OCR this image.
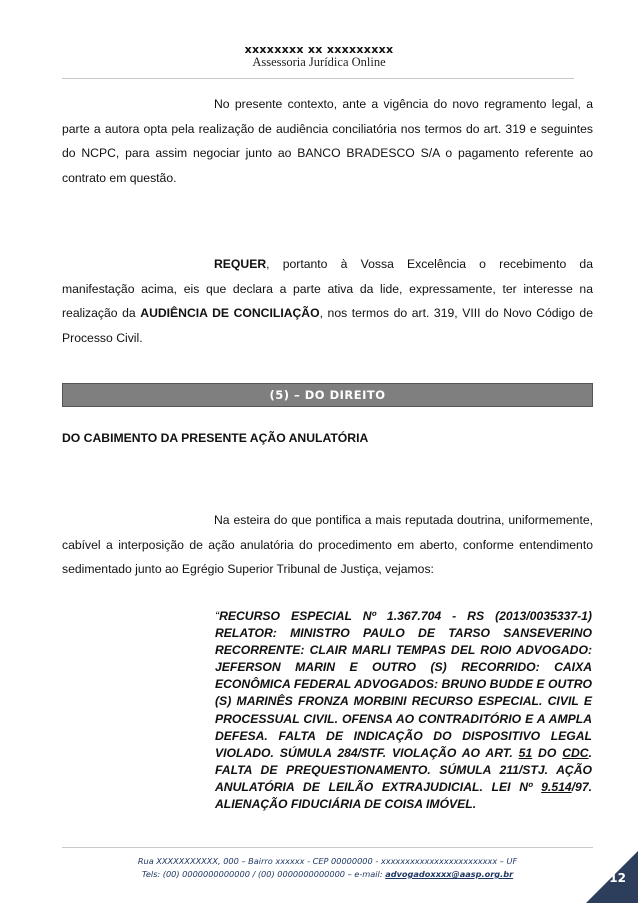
xxxxxxxx xx xxxxxxxxx
Assessoria Jurídica Online
No presente contexto, ante a vigência do novo regramento legal, a parte a autora opta pela realização de audiência conciliatória nos termos do art. 319 e seguintes do NCPC, para assim negociar junto ao BANCO BRADESCO S/A o pagamento referente ao contrato em questão.
REQUER, portanto à Vossa Excelência o recebimento da manifestação acima, eis que declara a parte ativa da lide, expressamente, ter interesse na realização da AUDIÊNCIA DE CONCILIAÇÃO, nos termos do art. 319, VIII do Novo Código de Processo Civil.
(5) – DO DIREITO
DO CABIMENTO DA PRESENTE AÇÃO ANULATÓRIA
Na esteira do que pontifica a mais reputada doutrina, uniformemente, cabível a interposição de ação anulatória do procedimento em aberto, conforme entendimento sedimentado junto ao Egrégio Superior Tribunal de Justiça, vejamos:
“RECURSO ESPECIAL Nº 1.367.704 - RS (2013/0035337-1) RELATOR: MINISTRO PAULO DE TARSO SANSEVERINO RECORRENTE: CLAIR MARLI TEMPAS DEL ROIO ADVOGADO: JEFERSON MARIN E OUTRO (S) RECORRIDO: CAIXA ECONÔMICA FEDERAL ADVOGADOS: BRUNO BUDDE E OUTRO (S) MARINÊS FRONZA MORBINI RECURSO ESPECIAL. CIVIL E PROCESSUAL CIVIL. OFENSA AO CONTRADITÓRIO E A AMPLA DEFESA. FALTA DE INDICAÇÃO DO DISPOSITIVO LEGAL VIOLADO. SÚMULA 284/STF. VIOLAÇÃO AO ART. 51 DO CDC. FALTA DE PREQUESTIONAMENTO. SÚMULA 211/STJ. AÇÃO ANULATÓRIA DE LEILÃO EXTRAJUDICIAL. LEI Nº 9.514/97. ALIENAÇÃO FIDUCIÁRIA DE COISA IMÓVEL.
Rua XXXXXXXXXXX, 000 – Bairro xxxxxx - CEP 00000000 - xxxxxxxxxxxxxxxxxxxxxxxx – UF
Tels: (00) 0000000000000 / (00) 0000000000000 – e-mail: advogadoxxxx@aasp.org.br	12
